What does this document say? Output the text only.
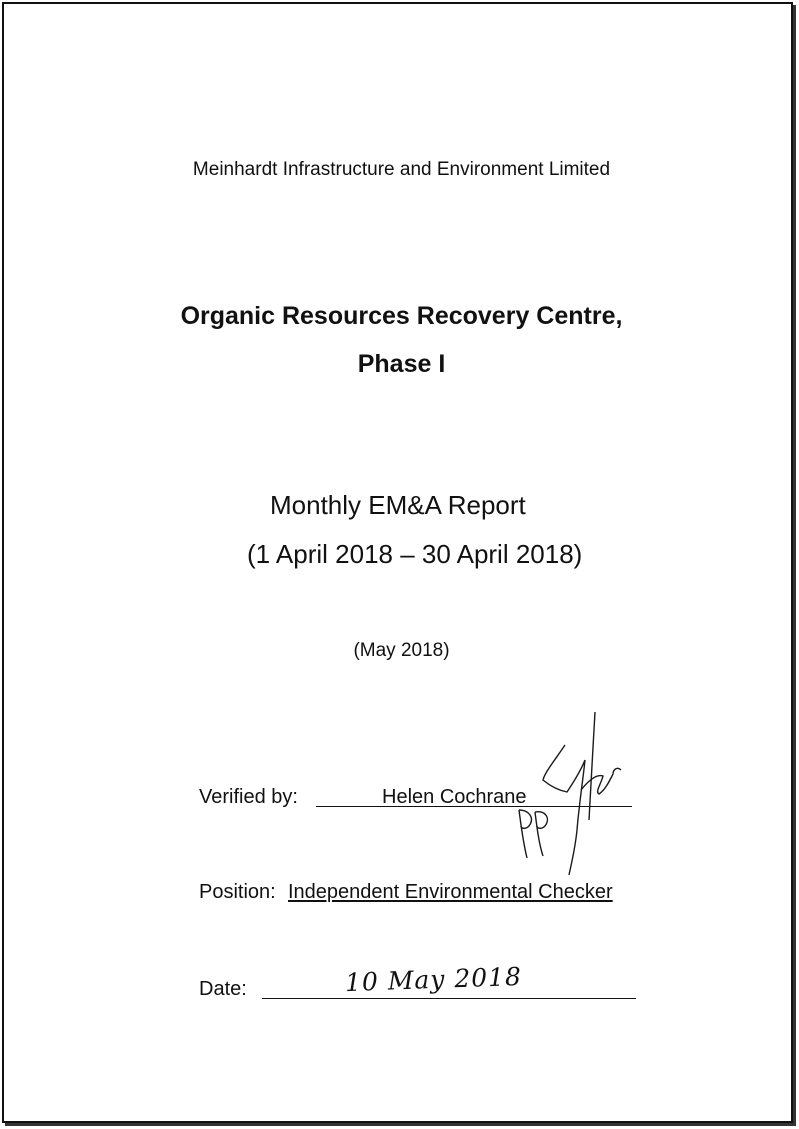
Meinhardt Infrastructure and Environment Limited
Organic Resources Recovery Centre,
Phase I
Monthly EM&A Report
(1 April 2018 – 30 April 2018)
(May 2018)
Verified by:	Helen Cochrane
Position: Independent Environmental Checker
Date:	10 May 2018
